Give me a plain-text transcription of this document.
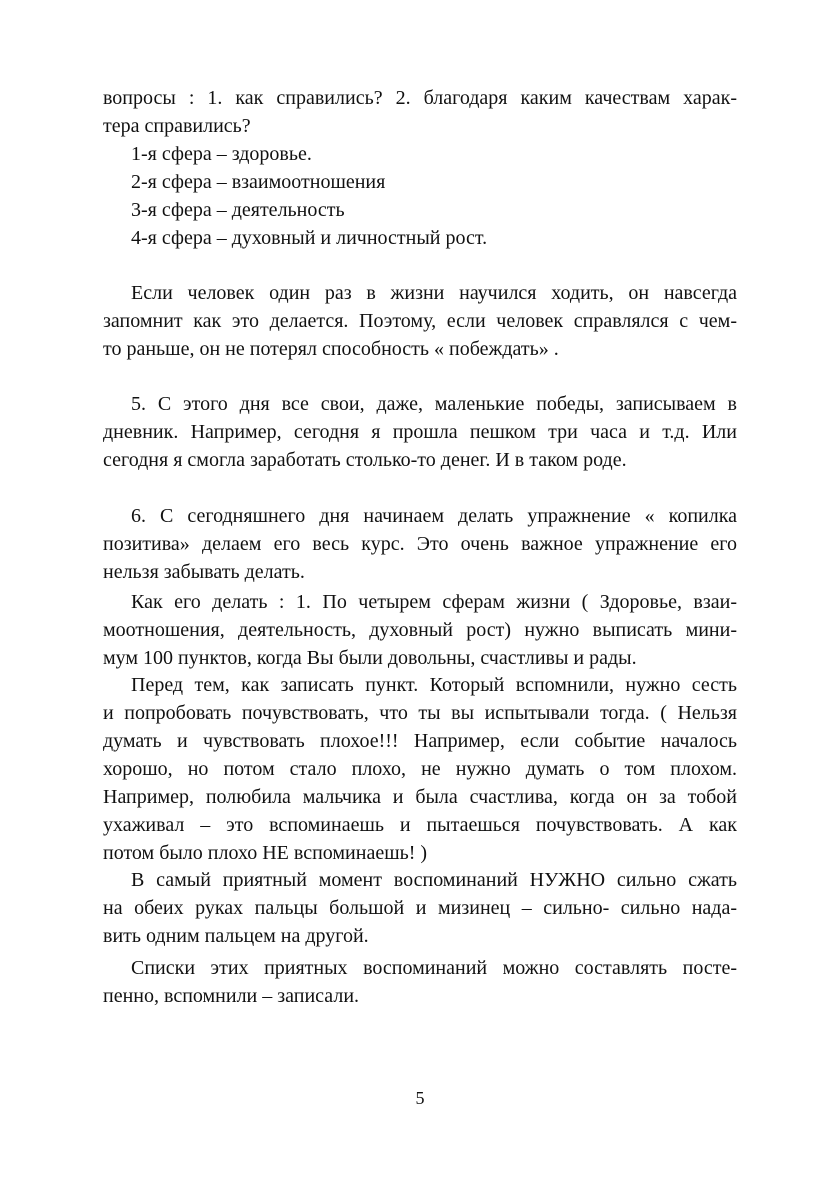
вопросы : 1. как справились? 2. благодаря каким качествам харак-
тера справились?
1-я сфера – здоровье.
2-я сфера – взаимоотношения
3-я сфера – деятельность
4-я сфера – духовный и личностный рост.
Если человек один раз в жизни научился ходить, он навсегда
запомнит как это делается. Поэтому, если человек справлялся с чем-
то раньше, он не потерял способность « побеждать» .
5. С этого дня все свои, даже, маленькие победы, записываем в
дневник. Например, сегодня я прошла пешком три часа и т.д. Или
сегодня я смогла заработать столько-то денег. И в таком роде.
6. С сегодняшнего дня начинаем делать упражнение « копилка
позитива» делаем его весь курс. Это очень важное упражнение его
нельзя забывать делать.
Как его делать : 1. По четырем сферам жизни ( Здоровье, взаи-
моотношения, деятельность, духовный рост) нужно выписать мини-
мум 100 пунктов, когда Вы были довольны, счастливы и рады.
Перед тем, как записать пункт. Который вспомнили, нужно сесть
и попробовать почувствовать, что ты вы испытывали тогда. ( Нельзя
думать и чувствовать плохое!!! Например, если событие началось
хорошо, но потом стало плохо, не нужно думать о том плохом.
Например, полюбила мальчика и была счастлива, когда он за тобой
ухаживал – это вспоминаешь и пытаешься почувствовать. А как
потом было плохо НЕ вспоминаешь! )
В самый приятный момент воспоминаний НУЖНО сильно сжать
на обеих руках пальцы большой и мизинец – сильно- сильно нада-
вить одним пальцем на другой.
Списки этих приятных воспоминаний можно составлять посте-
пенно, вспомнили – записали.
5
